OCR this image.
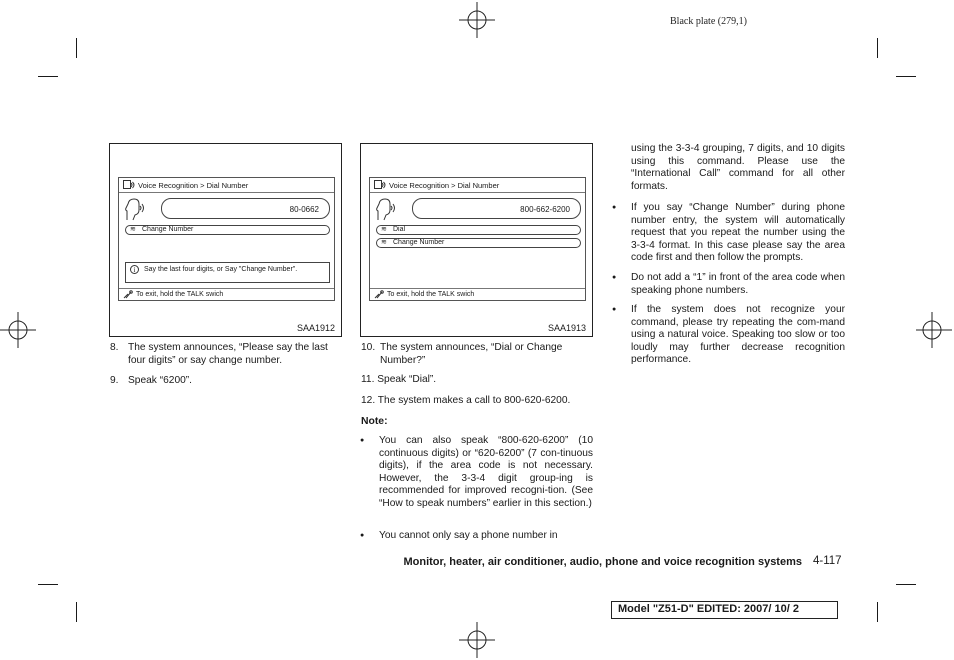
Black plate (279,1)
Voice Recognition > Dial Number
80-0662
≋ Change Number
i	Say the last four digits, or Say "Change Number".
To exit, hold the TALK swich
SAA1912
Voice Recognition > Dial Number
800-662-6200
≋ Dial
≋ Change Number
To exit, hold the TALK swich
SAA1913
8. The system announces, “Please say the last four digits” or say change number.
9. Speak “6200”.
10. The system announces, “Dial or Change Number?”
11. Speak “Dial”.
12. The system makes a call to 800-620-6200.
Note:
● You can also speak “800-620-6200” (10 continuous digits) or “620-6200” (7 con-tinuous digits), if the area code is not necessary. However, the 3-3-4 digit group-ing is recommended for improved recogni-tion. (See “How to speak numbers” earlier in this section.)
● You cannot only say a phone number in
using the 3-3-4 grouping, 7 digits, and 10 digits using this command. Please use the “International Call” command for all other formats.
● If you say “Change Number” during phone number entry, the system will automatically request that you repeat the number using the 3-3-4 format. In this case please say the area code first and then follow the prompts.
● Do not add a “1” in front of the area code when speaking phone numbers.
● If the system does not recognize your command, please try repeating the com-mand using a natural voice. Speaking too slow or too loudly may further decrease recognition performance.
Monitor, heater, air conditioner, audio, phone and voice recognition systems 4-117
Model "Z51-D" EDITED: 2007/ 10/ 2
